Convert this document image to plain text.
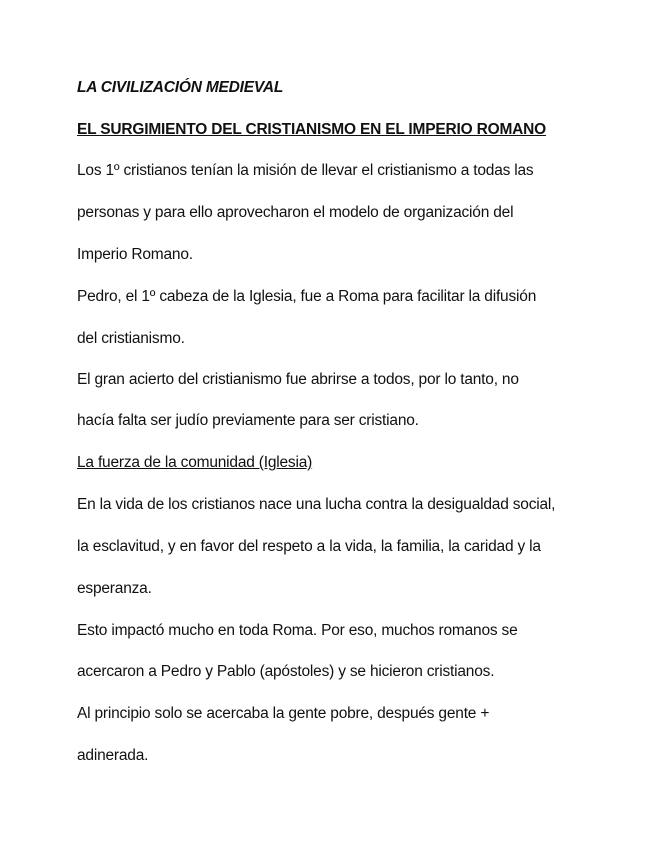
LA CIVILIZACIÓN MEDIEVAL
EL SURGIMIENTO DEL CRISTIANISMO EN EL IMPERIO ROMANO
Los 1º cristianos tenían la misión de llevar el cristianismo a todas las
personas y para ello aprovecharon el modelo de organización del
Imperio Romano.
Pedro, el 1º cabeza de la Iglesia, fue a Roma para facilitar la difusión
del cristianismo.
El gran acierto del cristianismo fue abrirse a todos, por lo tanto, no
hacía falta ser judío previamente para ser cristiano.
La fuerza de la comunidad (Iglesia)
En la vida de los cristianos nace una lucha contra la desigualdad social,
la esclavitud, y en favor del respeto a la vida, la familia, la caridad y la
esperanza.
Esto impactó mucho en toda Roma. Por eso, muchos romanos se
acercaron a Pedro y Pablo (apóstoles) y se hicieron cristianos.
Al principio solo se acercaba la gente pobre, después gente +
adinerada.
